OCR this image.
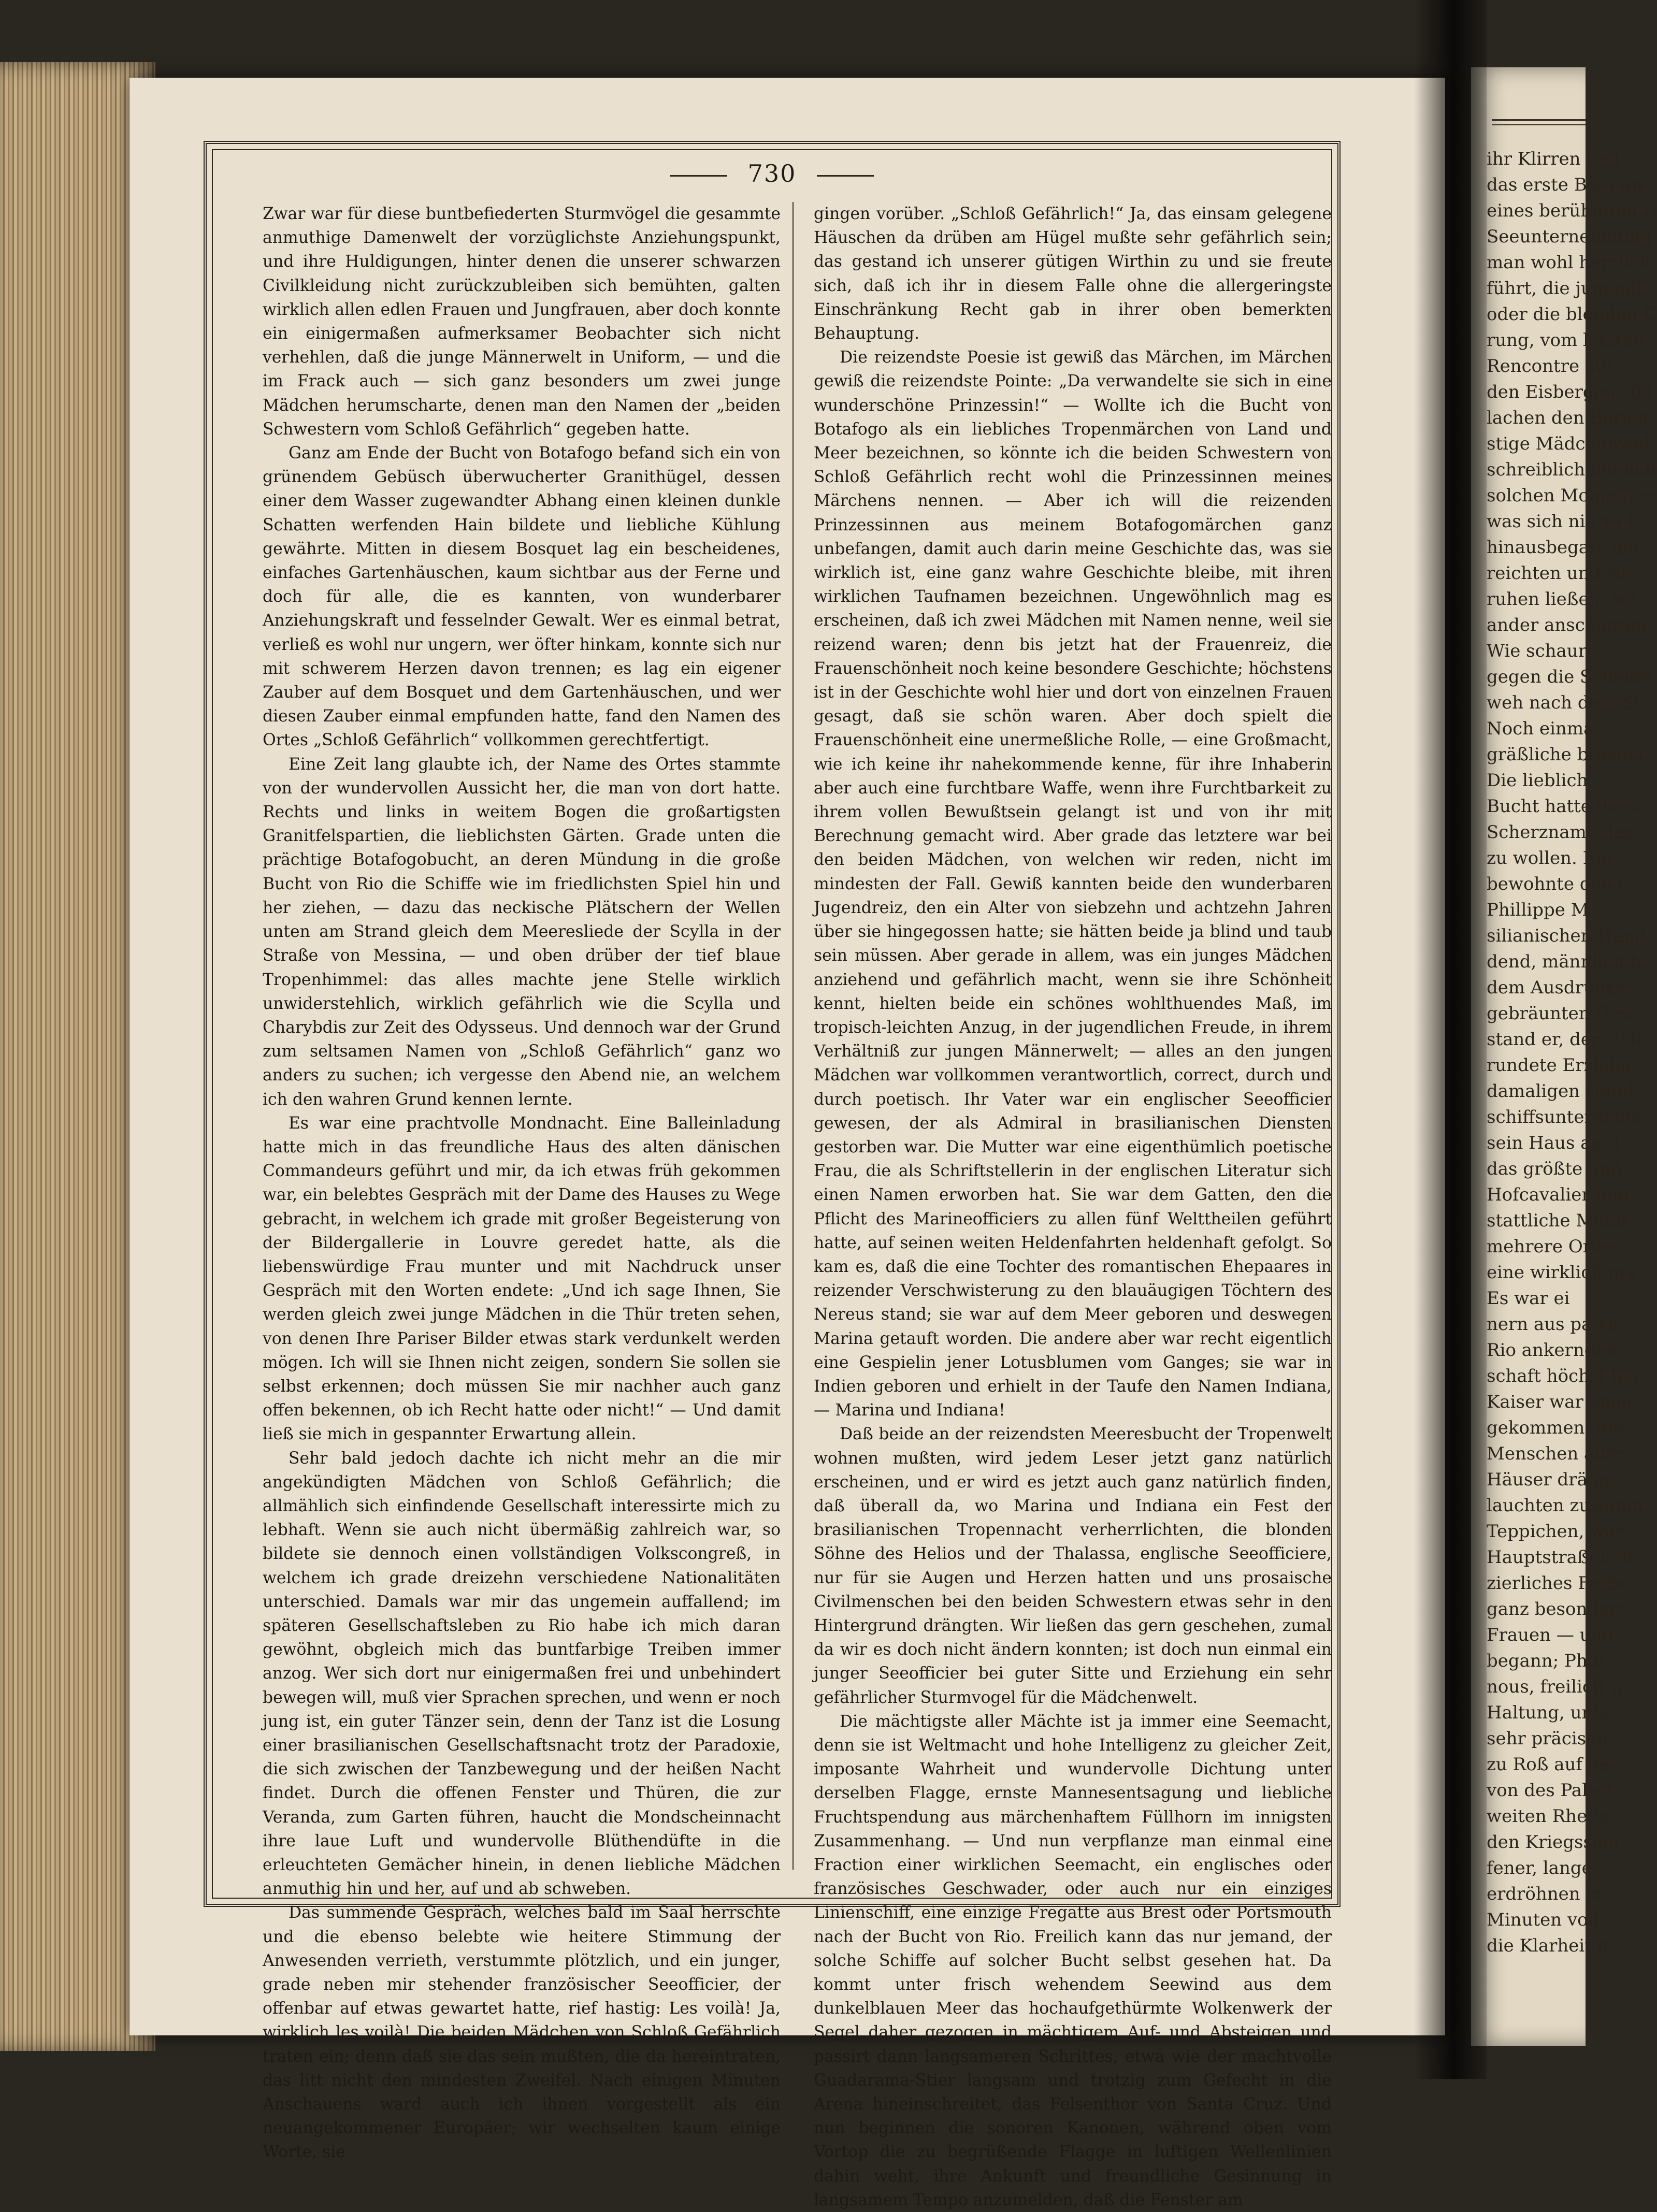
ihr Klirren und
das erste Boot an
eines berühmten G
Seeunternehmung
man wohl herzlich
führt, die jugendl
oder die blonden C
rung, vom letzten
Rencontre auf
den Eisbergen süd
lachen den Berich
stige Mädchenwel
schreiblich lieblich
solchen Momenten
was sich nie zu f
hinausbegab, gar
reichten und sie
ruhen ließen, wä
ander anschauten.
Wie schauri
gegen die Scheibe
weh nach dem Si
Noch einma
gräßliche brasilia
Die lieblich
Bucht hatte dami
Scherzname des
zu wollen. Ein
bewohnte den G
Phillippe M
silianischen Hand
dend, männlich b
dem Ausdrucke
gebräunten Gesi
stand er, der sich
rundete Erziehu
damaligen Hand
schiffsunternehm
sein Haus an d
das größte und
Hofcavalier und
stattliche Mann
mehrere Orden
eine wirklich prä
Es war ei
nern aus patrio
Rio ankernden
schaft höchst leb
Kaiser war eben
gekommen; die
Menschen aller
Häuser drängte
lauchten zusamm
Teppichen, wor
Hauptstraßen de
zierliches Farbe
ganz besonders
Frauen — und
begann; Phili
nous, freilich w
Haltung, unte
sehr präcisen
zu Roß auf de
von des Palast
weiten Rhede
den Kriegsschi
fener, lange
erdröhnen m
Minuten voll
die Klarheit d
730

Zwar war für diese buntbefiederten Sturmvögel die gesammte anmuthige Damenwelt der vorzüglichste Anziehungspunkt, und ihre Huldigungen, hinter denen die unserer schwarzen Civilkleidung nicht zurückzubleiben sich bemühten, galten wirklich allen edlen Frauen und Jungfrauen, aber doch konnte ein einigermaßen aufmerksamer Beobachter sich nicht verhehlen, daß die junge Männerwelt in Uniform, — und die im Frack auch — sich ganz besonders um zwei junge Mädchen herumscharte, denen man den Namen der „beiden Schwestern vom Schloß Gefährlich“ gegeben hatte.

Ganz am Ende der Bucht von Botafogo befand sich ein von grünendem Gebüsch überwucherter Granithügel, dessen einer dem Wasser zugewandter Abhang einen kleinen dunkle Schatten werfenden Hain bildete und liebliche Kühlung gewährte. Mitten in diesem Bosquet lag ein bescheidenes, einfaches Gartenhäuschen, kaum sichtbar aus der Ferne und doch für alle, die es kannten, von wunderbarer Anziehungskraft und fesselnder Gewalt. Wer es einmal betrat, verließ es wohl nur ungern, wer öfter hinkam, konnte sich nur mit schwerem Herzen davon trennen; es lag ein eigener Zauber auf dem Bosquet und dem Gartenhäuschen, und wer diesen Zauber einmal empfunden hatte, fand den Namen des Ortes „Schloß Gefährlich“ vollkommen gerechtfertigt.

Eine Zeit lang glaubte ich, der Name des Ortes stammte von der wundervollen Aussicht her, die man von dort hatte. Rechts und links in weitem Bogen die großartigsten Granitfelspartien, die lieblichsten Gärten. Grade unten die prächtige Botafogobucht, an deren Mündung in die große Bucht von Rio die Schiffe wie im friedlichsten Spiel hin und her ziehen, — dazu das neckische Plätschern der Wellen unten am Strand gleich dem Meeresliede der Scylla in der Straße von Messina, — und oben drüber der tief blaue Tropenhimmel: das alles machte jene Stelle wirklich unwiderstehlich, wirklich gefährlich wie die Scylla und Charybdis zur Zeit des Odysseus. Und dennoch war der Grund zum seltsamen Namen von „Schloß Gefährlich“ ganz wo anders zu suchen; ich vergesse den Abend nie, an welchem ich den wahren Grund kennen lernte.

Es war eine prachtvolle Mondnacht. Eine Balleinladung hatte mich in das freundliche Haus des alten dänischen Commandeurs geführt und mir, da ich etwas früh gekommen war, ein belebtes Gespräch mit der Dame des Hauses zu Wege gebracht, in welchem ich grade mit großer Begeisterung von der Bildergallerie in Louvre geredet hatte, als die liebenswürdige Frau munter und mit Nachdruck unser Gespräch mit den Worten endete: „Und ich sage Ihnen, Sie werden gleich zwei junge Mädchen in die Thür treten sehen, von denen Ihre Pariser Bilder etwas stark verdunkelt werden mögen. Ich will sie Ihnen nicht zeigen, sondern Sie sollen sie selbst erkennen; doch müssen Sie mir nachher auch ganz offen bekennen, ob ich Recht hatte oder nicht!“ — Und damit ließ sie mich in gespannter Erwartung allein.

Sehr bald jedoch dachte ich nicht mehr an die mir angekündigten Mädchen von Schloß Gefährlich; die allmählich sich einfindende Gesellschaft interessirte mich zu lebhaft. Wenn sie auch nicht übermäßig zahlreich war, so bildete sie dennoch einen vollständigen Volkscongreß, in welchem ich grade dreizehn verschiedene Nationalitäten unterschied. Damals war mir das ungemein auffallend; im späteren Gesellschaftsleben zu Rio habe ich mich daran gewöhnt, obgleich mich das buntfarbige Treiben immer anzog. Wer sich dort nur einigermaßen frei und unbehindert bewegen will, muß vier Sprachen sprechen, und wenn er noch jung ist, ein guter Tänzer sein, denn der Tanz ist die Losung einer brasilianischen Gesellschaftsnacht trotz der Paradoxie, die sich zwischen der Tanzbewegung und der heißen Nacht findet. Durch die offenen Fenster und Thüren, die zur Veranda, zum Garten führen, haucht die Mondscheinnacht ihre laue Luft und wundervolle Blüthendüfte in die erleuchteten Gemächer hinein, in denen liebliche Mädchen anmuthig hin und her, auf und ab schweben.

Das summende Gespräch, welches bald im Saal herrschte und die ebenso belebte wie heitere Stimmung der Anwesenden verrieth, verstummte plötzlich, und ein junger, grade neben mir stehender französischer Seeofficier, der offenbar auf etwas gewartet hatte, rief hastig: Les voilà! Ja, wirklich les voilà! Die beiden Mädchen von Schloß Gefährlich traten ein; denn daß sie das sein mußten, die da hereintraten, das litt nicht den mindesten Zweifel. Nach einigen Minuten Anschauens ward auch ich ihnen vorgestellt als ein neuangekommener Europäer; wir wechselten kaum einige Worte, sie

gingen vorüber. „Schloß Gefährlich!“ Ja, das einsam gelegene Häuschen da drüben am Hügel mußte sehr gefährlich sein; das gestand ich unserer gütigen Wirthin zu und sie freute sich, daß ich ihr in diesem Falle ohne die allergeringste Einschränkung Recht gab in ihrer oben bemerkten Behauptung.

Die reizendste Poesie ist gewiß das Märchen, im Märchen gewiß die reizendste Pointe: „Da verwandelte sie sich in eine wunderschöne Prinzessin!“ — Wollte ich die Bucht von Botafogo als ein liebliches Tropenmärchen von Land und Meer bezeichnen, so könnte ich die beiden Schwestern von Schloß Gefährlich recht wohl die Prinzessinnen meines Märchens nennen. — Aber ich will die reizenden Prinzessinnen aus meinem Botafogomärchen ganz unbefangen, damit auch darin meine Geschichte das, was sie wirklich ist, eine ganz wahre Geschichte bleibe, mit ihren wirklichen Taufnamen bezeichnen. Ungewöhnlich mag es erscheinen, daß ich zwei Mädchen mit Namen nenne, weil sie reizend waren; denn bis jetzt hat der Frauenreiz, die Frauenschönheit noch keine besondere Geschichte; höchstens ist in der Geschichte wohl hier und dort von einzelnen Frauen gesagt, daß sie schön waren. Aber doch spielt die Frauenschönheit eine unermeßliche Rolle, — eine Großmacht, wie ich keine ihr nahekommende kenne, für ihre Inhaberin aber auch eine furchtbare Waffe, wenn ihre Furchtbarkeit zu ihrem vollen Bewußtsein gelangt ist und von ihr mit Berechnung gemacht wird. Aber grade das letztere war bei den beiden Mädchen, von welchen wir reden, nicht im mindesten der Fall. Gewiß kannten beide den wunderbaren Jugendreiz, den ein Alter von siebzehn und achtzehn Jahren über sie hingegossen hatte; sie hätten beide ja blind und taub sein müssen. Aber gerade in allem, was ein junges Mädchen anziehend und gefährlich macht, wenn sie ihre Schönheit kennt, hielten beide ein schönes wohlthuendes Maß, im tropisch-leichten Anzug, in der jugendlichen Freude, in ihrem Verhältniß zur jungen Männerwelt; — alles an den jungen Mädchen war vollkommen verantwortlich, correct, durch und durch poetisch. Ihr Vater war ein englischer Seeofficier gewesen, der als Admiral in brasilianischen Diensten gestorben war. Die Mutter war eine eigenthümlich poetische Frau, die als Schriftstellerin in der englischen Literatur sich einen Namen erworben hat. Sie war dem Gatten, den die Pflicht des Marineofficiers zu allen fünf Welttheilen geführt hatte, auf seinen weiten Heldenfahrten heldenhaft gefolgt. So kam es, daß die eine Tochter des romantischen Ehepaares in reizender Verschwisterung zu den blauäugigen Töchtern des Nereus stand; sie war auf dem Meer geboren und deswegen Marina getauft worden. Die andere aber war recht eigentlich eine Gespielin jener Lotusblumen vom Ganges; sie war in Indien geboren und erhielt in der Taufe den Namen Indiana, — Marina und Indiana!

Daß beide an der reizendsten Meeresbucht der Tropenwelt wohnen mußten, wird jedem Leser jetzt ganz natürlich erscheinen, und er wird es jetzt auch ganz natürlich finden, daß überall da, wo Marina und Indiana ein Fest der brasilianischen Tropennacht verherrlichten, die blonden Söhne des Helios und der Thalassa, englische Seeofficiere, nur für sie Augen und Herzen hatten und uns prosaische Civilmenschen bei den beiden Schwestern etwas sehr in den Hintergrund drängten. Wir ließen das gern geschehen, zumal da wir es doch nicht ändern konnten; ist doch nun einmal ein junger Seeofficier bei guter Sitte und Erziehung ein sehr gefährlicher Sturmvogel für die Mädchenwelt.

Die mächtigste aller Mächte ist ja immer eine Seemacht, denn sie ist Weltmacht und hohe Intelligenz zu gleicher Zeit, imposante Wahrheit und wundervolle Dichtung unter derselben Flagge, ernste Mannesentsagung und liebliche Fruchtspendung aus märchenhaftem Füllhorn im innigsten Zusammenhang. — Und nun verpflanze man einmal eine Fraction einer wirklichen Seemacht, ein englisches oder französisches Geschwader, oder auch nur ein einziges Linienschiff, eine einzige Fregatte aus Brest oder Portsmouth nach der Bucht von Rio. Freilich kann das nur jemand, der solche Schiffe auf solcher Bucht selbst gesehen hat. Da kommt unter frisch wehendem Seewind aus dem dunkelblauen Meer das hochaufgethürmte Wolkenwerk der Segel daher gezogen in mächtigem Auf- und Absteigen und passirt dann langsameren Schrittes, etwa wie der machtvolle Guadarama-Stier langsam und trotzig zum Gefecht in die Arena hineinschreitet, das Felsenthor von Santa Cruz. Und nun beginnen die sonoren Kanonen, während oben vom Vortop die zu begrüßende Flagge in luftigen Wellenlinien dahin weht, ihre Ankunft und freundliche Gesinnung in langsamem Tempo anzumelden, daß die Fenster am
